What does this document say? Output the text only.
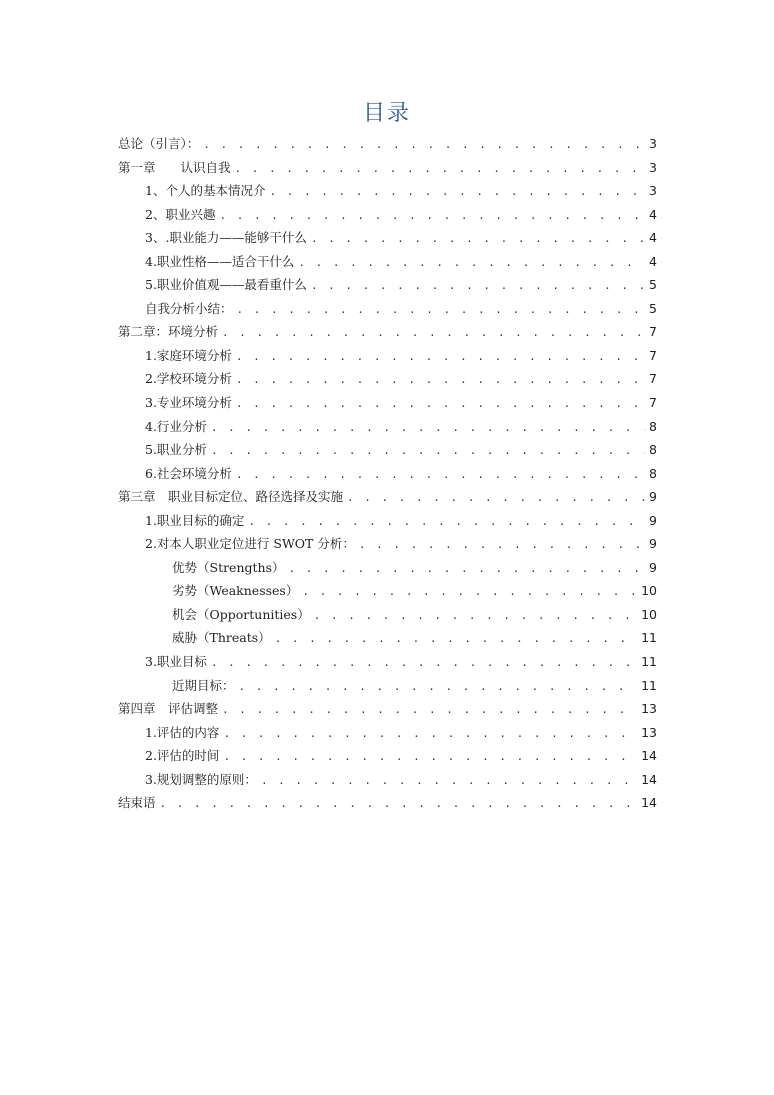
目录
总论（引言）： . . .	3
第一章　　认识自我 . . .	3
1、个人的基本情况介 . . .	3
2、职业兴趣 . . .	4
3、.职业能力——能够干什么 . . .	4
4.职业性格——适合干什么 . . .	4
5.职业价值观——最看重什么 . . .	5
自我分析小结： . . .	5
第二章：环境分析 . . .	7
1.家庭环境分析 . . .	7
2.学校环境分析 . . .	7
3.专业环境分析 . . .	7
4.行业分析 . . .	8
5.职业分析 . . .	8
6.社会环境分析 . . .	8
第三章　职业目标定位、路径选择及实施 . . .	9
1.职业目标的确定 . . .	9
2.对本人职业定位进行 SWOT 分析： . . .	9
优势（Strengths） . . .	9
劣势（Weaknesses） . . .	10
机会（Opportunities） . . .	10
威胁（Threats） . . .	11
3.职业目标 . . .	11
近期目标： . . .	11
第四章　评估调整 . . .	13
1.评估的内容 . . .	13
2.评估的时间 . . .	14
3.规划调整的原则： . . .	14
结束语 . . .	14
